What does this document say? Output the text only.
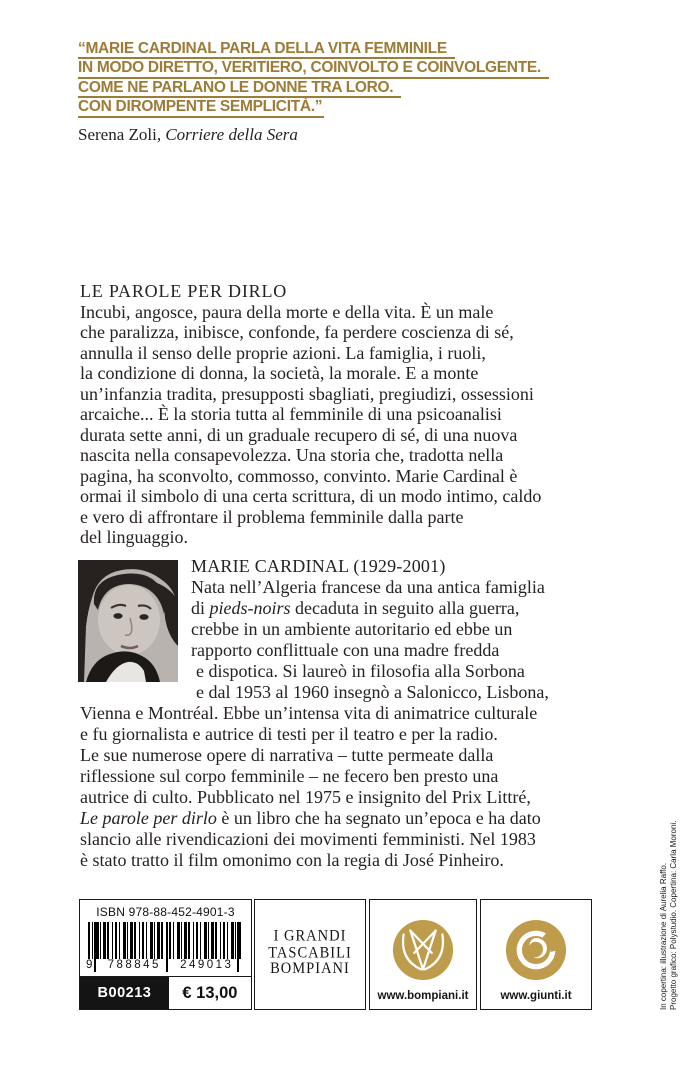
“MARIE CARDINAL PARLA DELLA VITA FEMMINILE
IN MODO DIRETTO, VERITIERO, COINVOLTO E COINVOLGENTE.
COME NE PARLANO LE DONNE TRA LORO.
CON DIROMPENTE SEMPLICITÀ.”
Serena Zoli, Corriere della Sera
LE PAROLE PER DIRLO
Incubi, angosce, paura della morte e della vita. È un male
che paralizza, inibisce, confonde, fa perdere coscienza di sé,
annulla il senso delle proprie azioni. La famiglia, i ruoli,
la condizione di donna, la società, la morale. E a monte
un’infanzia tradita, presupposti sbagliati, pregiudizi, ossessioni
arcaiche... È la storia tutta al femminile di una psicoanalisi
durata sette anni, di un graduale recupero di sé, di una nuova
nascita nella consapevolezza. Una storia che, tradotta nella
pagina, ha sconvolto, commosso, convinto. Marie Cardinal è
ormai il simbolo di una certa scrittura, di un modo intimo, caldo
e vero di affrontare il problema femminile dalla parte
del linguaggio.
MARIE CARDINAL (1929-2001)
Nata nell’Algeria francese da una antica famiglia
di pieds-noirs decaduta in seguito alla guerra,
crebbe in un ambiente autoritario ed ebbe un
rapporto conflittuale con una madre fredda
e dispotica. Si laureò in filosofia alla Sorbona
e dal 1953 al 1960 insegnò a Salonicco, Lisbona,
Vienna e Montréal. Ebbe un’intensa vita di animatrice culturale
e fu giornalista e autrice di testi per il teatro e per la radio.
Le sue numerose opere di narrativa – tutte permeate dalla
riflessione sul corpo femminile – ne fecero ben presto una
autrice di culto. Pubblicato nel 1975 e insignito del Prix Littré,
Le parole per dirlo è un libro che ha segnato un’epoca e ha dato
slancio alle rivendicazioni dei movimenti femministi. Nel 1983
è stato tratto il film omonimo con la regia di José Pinheiro.
ISBN 978-88-452-4901-3
9	788845	249013
B00213	€ 13,00
I GRANDI
TASCABILI
BOMPIANI
www.bompiani.it	www.giunti.it	In copertina: illustrazione di Aurelia Raffo. Progetto grafico: Polystudio. Copertina: Carla Moroni.
